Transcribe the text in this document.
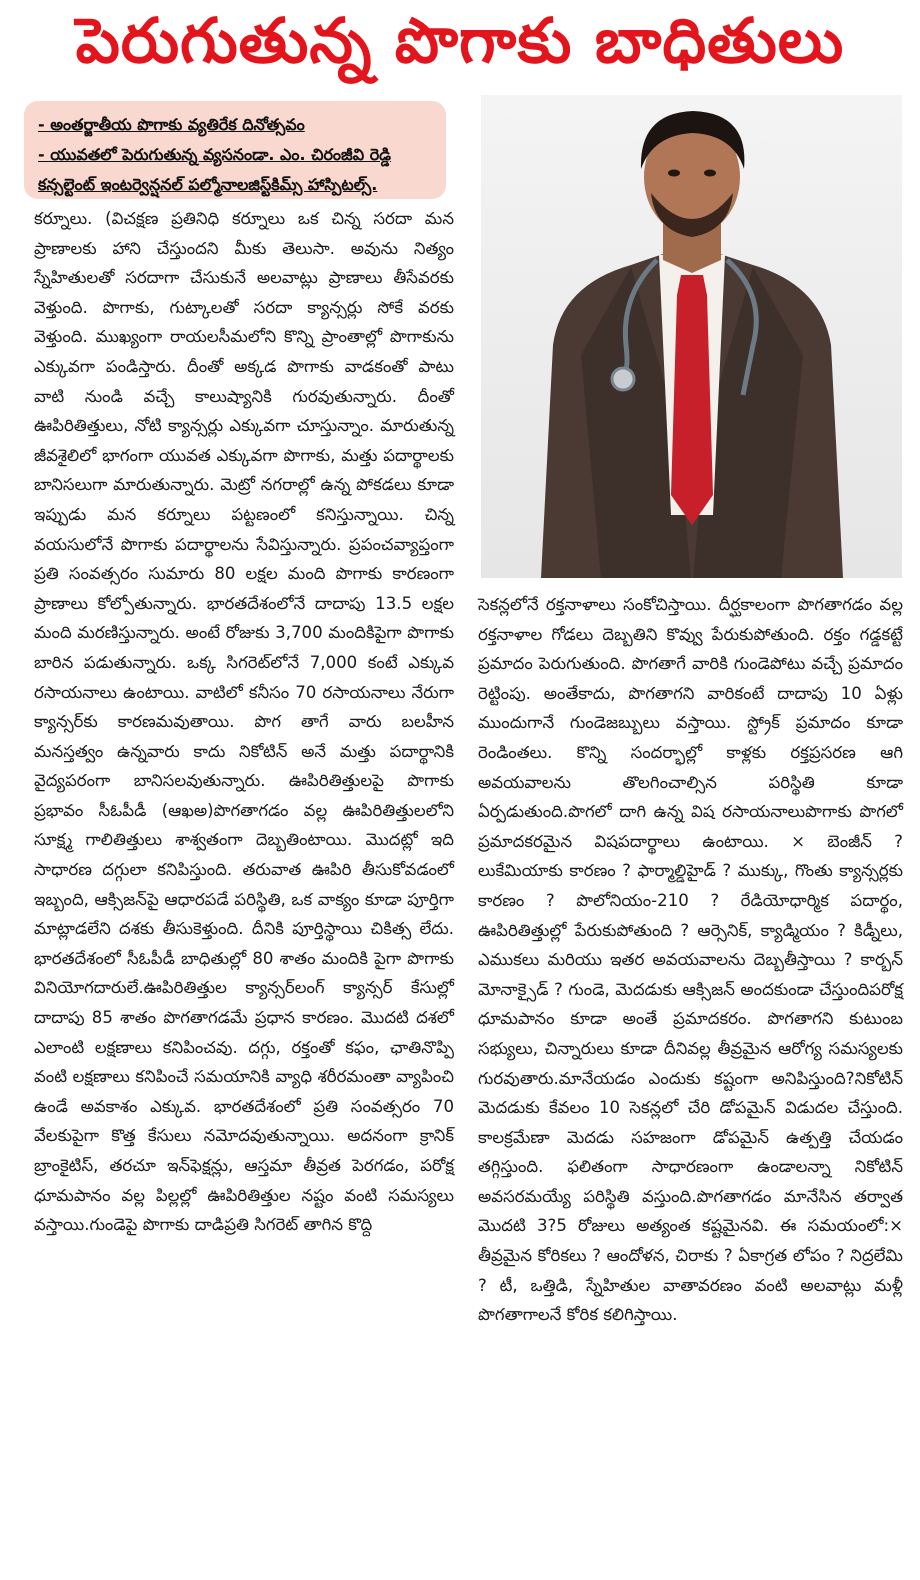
పెరుగుతున్న పొగాకు బాధితులు
- అంతర్జాతీయ పొగాకు వ్యతిరేక దినోత్సవం
- యువతలో పెరుగుతున్న వ్యసనండా. ఎం. చిరంజీవి రెడ్డి
కన్సల్టెంట్ ఇంటర్వెన్షనల్ పల్మోనాలజిస్ట్‌కిమ్స్ హాస్పిటల్స్.

కర్నూలు. (విచక్షణ ప్రతినిధి కర్నూలు ఒక చిన్న సరదా మన ప్రాణాలకు హాని చేస్తుందని మీకు తెలుసా. అవును నిత్యం స్నేహితులతో సరదాగా చేసుకునే అలవాట్లు ప్రాణాలు తీసేవరకు వెళ్తుంది. పొగాకు, గుట్కాలతో సరదా క్యాన్సర్లు సోకే వరకు వెళ్తుంది. ముఖ్యంగా రాయలసీమలోని కొన్ని ప్రాంతాల్లో పొగాకును ఎక్కువగా పండిస్తారు. దీంతో అక్కడ పొగాకు వాడకంతో పాటు వాటి నుండి వచ్చే కాలుష్యానికి గురవుతున్నారు. దీంతో ఊపిరితిత్తులు, నోటి క్యాన్సర్లు ఎక్కువగా చూస్తున్నాం. మారుతున్న జీవశైలిలో భాగంగా యువత ఎక్కువగా పొగాకు, మత్తు పదార్థాలకు బానిసలుగా మారుతున్నారు. మెట్రో నగరాల్లో ఉన్న పోకడలు కూడా ఇప్పుడు మన కర్నూలు పట్టణంలో కనిస్తున్నాయి. చిన్న వయసులోనే పొగాకు పదార్థాలను సేవిస్తున్నారు. ప్రపంచవ్యాప్తంగా ప్రతి సంవత్సరం సుమారు 80 లక్షల మంది పొగాకు కారణంగా ప్రాణాలు కోల్పోతున్నారు. భారతదేశంలోనే దాదాపు 13.5 లక్షల మంది మరణిస్తున్నారు. అంటే రోజుకు 3,700 మందికిపైగా పొగాకు బారిన పడుతున్నారు. ఒక్క సిగరెట్‌లోనే 7,000 కంటే ఎక్కువ రసాయనాలు ఉంటాయి. వాటిలో కనీసం 70 రసాయనాలు నేరుగా క్యాన్సర్‌కు కారణమవుతాయి. పొగ తాగే వారు బలహీన మనస్తత్వం ఉన్నవారు కాదు నికోటిన్ అనే మత్తు పదార్థానికి వైద్యపరంగా బానిసలవుతున్నారు. ఊపిరితిత్తులపై పొగాకు ప్రభావం సీఓపీడీ (ఆఖఅ)పొగతాగడం వల్ల ఊపిరితిత్తులలోని సూక్ష్మ గాలితిత్తులు శాశ్వతంగా దెబ్బతింటాయి. మొదట్లో ఇది సాధారణ దగ్గులా కనిపిస్తుంది. తరువాత ఊపిరి తీసుకోవడంలో ఇబ్బంది, ఆక్సిజన్‌పై ఆధారపడే పరిస్థితి, ఒక వాక్యం కూడా పూర్తిగా మాట్లాడలేని దశకు తీసుకెళ్తుంది. దీనికి పూర్తిస్థాయి చికిత్స లేదు. భారతదేశంలో సీఓపీడీ బాధితుల్లో 80 శాతం మందికి పైగా పొగాకు వినియోగదారులే.ఊపిరితిత్తుల క్యాన్సర్‌లంగ్ క్యాన్సర్ కేసుల్లో దాదాపు 85 శాతం పొగతాగడమే ప్రధాన కారణం. మొదటి దశలో ఎలాంటి లక్షణాలు కనిపించవు. దగ్గు, రక్తంతో కఫం, ఛాతినొప్పి వంటి లక్షణాలు కనిపించే సమయానికి వ్యాధి శరీరమంతా వ్యాపించి ఉండే అవకాశం ఎక్కువ. భారతదేశంలో ప్రతి సంవత్సరం 70 వేలకుపైగా కొత్త కేసులు నమోదవుతున్నాయి. అదనంగా క్రానిక్ బ్రాంకైటిస్, తరచూ ఇన్‌ఫెక్షన్లు, ఆస్తమా తీవ్రత పెరగడం, పరోక్ష ధూమపానం వల్ల పిల్లల్లో ఊపిరితిత్తుల నష్టం వంటి సమస్యలు వస్తాయి.గుండెపై పొగాకు దాడిప్రతి సిగరెట్ తాగిన కొద్ది

సెకన్లలోనే రక్తనాళాలు సంకోచిస్తాయి. దీర్ఘకాలంగా పొగతాగడం వల్ల రక్తనాళాల గోడలు దెబ్బతిని కొవ్వు పేరుకుపోతుంది. రక్తం గడ్డకట్టే ప్రమాదం పెరుగుతుంది. పొగతాగే వారికి గుండెపోటు వచ్చే ప్రమాదం రెట్టింపు. అంతేకాదు, పొగతాగని వారికంటే దాదాపు 10 ఏళ్లు ముందుగానే గుండెజబ్బులు వస్తాయి. స్ట్రోక్ ప్రమాదం కూడా రెండింతలు. కొన్ని సందర్భాల్లో కాళ్లకు రక్తప్రసరణ ఆగి అవయవాలను తొలగించాల్సిన పరిస్థితి కూడా ఏర్పడుతుంది.పొగలో దాగి ఉన్న విష రసాయనాలుపొగాకు పొగలో ప్రమాదకరమైన విషపదార్థాలు ఉంటాయి. × బెంజీన్ ? లుకేమియాకు కారణం ? ఫార్మాల్డిహైడ్ ? ముక్కు, గొంతు క్యాన్సర్లకు కారణం ? పొలోనియం-210 ? రేడియోధార్మిక పదార్థం, ఊపిరితిత్తుల్లో పేరుకుపోతుంది ? ఆర్సెనిక్, క్యాడ్మియం ? కిడ్నీలు, ఎముకలు మరియు ఇతర అవయవాలను దెబ్బతీస్తాయి ? కార్బన్ మోనాక్సైడ్ ? గుండె, మెదడుకు ఆక్సిజన్ అందకుండా చేస్తుందిపరోక్ష ధూమపానం కూడా అంతే ప్రమాదకరం. పొగతాగని కుటుంబ సభ్యులు, చిన్నారులు కూడా దీనివల్ల తీవ్రమైన ఆరోగ్య సమస్యలకు గురవుతారు.మానేయడం ఎందుకు కష్టంగా అనిపిస్తుంది?నికోటిన్ మెదడుకు కేవలం 10 సెకన్లలో చేరి డోపమైన్ విడుదల చేస్తుంది. కాలక్రమేణా మెదడు సహజంగా డోపమైన్ ఉత్పత్తి చేయడం తగ్గిస్తుంది. ఫలితంగా సాధారణంగా ఉండాలన్నా నికోటిన్ అవసరమయ్యే పరిస్థితి వస్తుంది.పొగతాగడం మానేసిన తర్వాత మొదటి 3?5 రోజులు అత్యంత కష్టమైనవి. ఈ సమయంలో:× తీవ్రమైన కోరికలు ? ఆందోళన, చిరాకు ? ఏకాగ్రత లోపం ? నిద్రలేమి ? టీ, ఒత్తిడి, స్నేహితుల వాతావరణం వంటి అలవాట్లు మళ్లీ పొగతాగాలనే కోరిక కలిగిస్తాయి.
